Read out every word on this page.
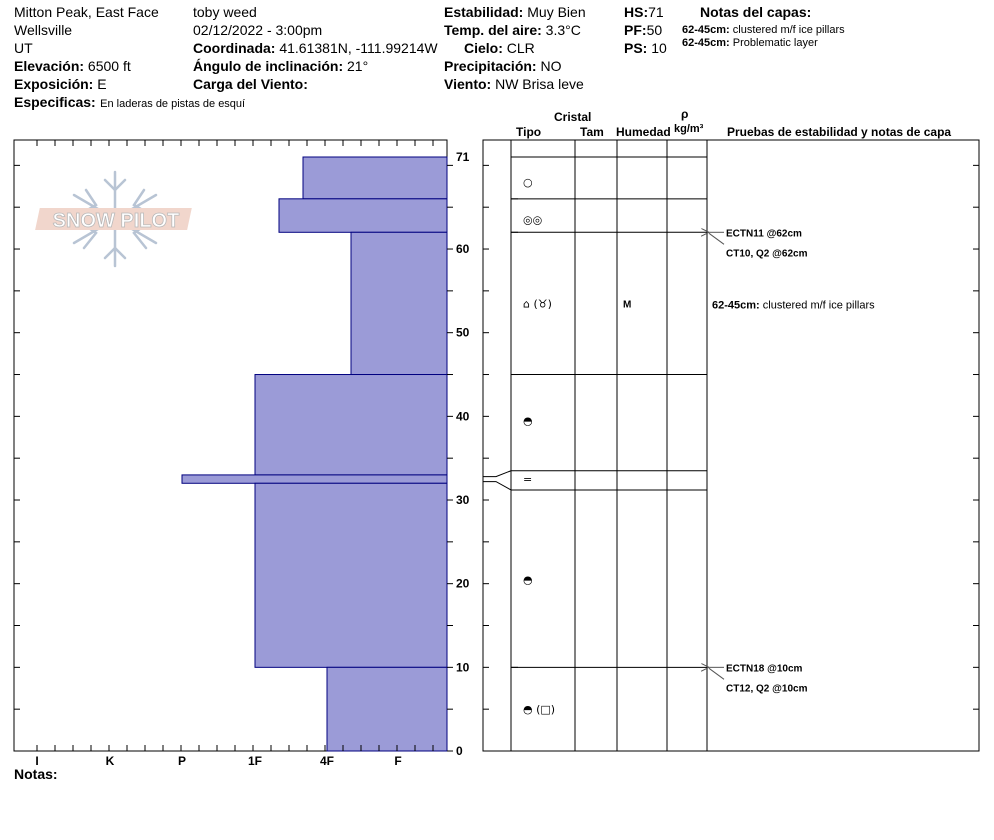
Mitton Peak, East Face
Wellsville
UT
Elevación: 6500 ft
Exposición: E
Especificas: En laderas de pistas de esquí
toby weed
02/12/2022 - 3:00pm
Coordinada: 41.61381N, -111.99214W
Ángulo de inclinación: 21°
Carga del Viento:
Estabilidad: Muy Bien
Temp. del aire: 3.3°C
Cielo: CLR
Precipitación: NO
Viento: NW Brisa leve
HS:71
PF:50
PS: 10
Notas del capas:
62-45cm: clustered m/f ice pillars
62-45cm: Problematic layer
Notas:
Cristal
Tipo	Tam Humedad
ρ
kg/m³ Pruebas de estabilidad y notas de capa
SNOW PILOT
I	K	P	1F	4F	F
0
10
20
30
40
50
60
71
○
◎◎
⌂ (♉)	M
◓
=
◓
◓ (□)
ECTN11 @62cm
CT10, Q2 @62cm
ECTN18 @10cm
CT12, Q2 @10cm
62-45cm: clustered m/f ice pillars
